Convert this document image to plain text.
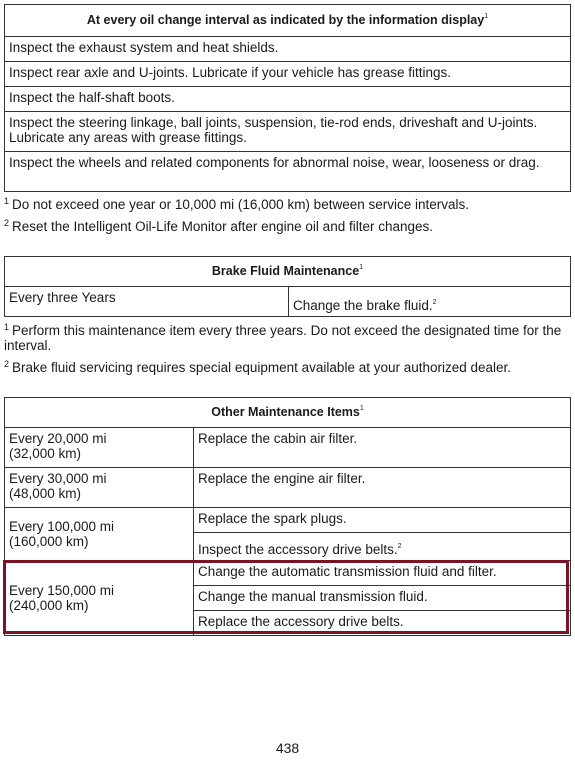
At every oil change interval as indicated by the information display$^1$
Inspect the exhaust system and heat shields.
Inspect rear axle and U-joints. Lubricate if your vehicle has grease fittings.
Inspect the half-shaft boots.
Inspect the steering linkage, ball joints, suspension, tie-rod ends, driveshaft and U-joints. Lubricate any areas with grease fittings.
Inspect the wheels and related components for abnormal noise, wear, looseness or drag.
$^1$ Do not exceed one year or 10,000 mi (16,000 km) between service intervals.
$^2$ Reset the Intelligent Oil-Life Monitor after engine oil and filter changes.
Brake Fluid Maintenance$^1$
Every three Years	Change the brake fluid.$^2$
$^1$ Perform this maintenance item every three years. Do not exceed the designated time for the interval.
$^2$ Brake fluid servicing requires special equipment available at your authorized dealer.
Other Maintenance Items$^1$

Every 20,000 mi
(32,000 km)	Replace the cabin air filter.

Every 30,000 mi
(48,000 km)	Replace the engine air filter.

Every 100,000 mi
(160,000 km)	Replace the spark plugs.
	Inspect the accessory drive belts.$^2$

Every 150,000 mi
(240,000 km)	Change the automatic transmission fluid and filter.
	Change the manual transmission fluid.
	Replace the accessory drive belts.
438
